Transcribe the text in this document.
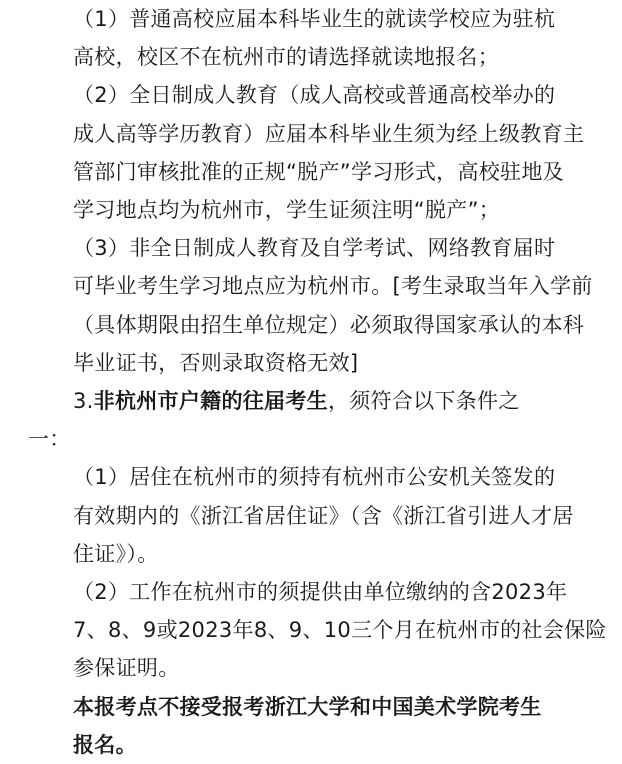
（1）普通高校应届本科毕业生的就读学校应为驻杭
高校，校区不在杭州市的请选择就读地报名；

（2）全日制成人教育（成人高校或普通高校举办的
成人高等学历教育）应届本科毕业生须为经上级教育主
管部门审核批准的正规“脱产”学习形式，高校驻地及
学习地点均为杭州市，学生证须注明“脱产”；

（3）非全日制成人教育及自学考试、网络教育届时
可毕业考生学习地点应为杭州市。[考生录取当年入学前
（具体期限由招生单位规定）必须取得国家承认的本科
毕业证书，否则录取资格无效]

3.非杭州市户籍的往届考生，须符合以下条件之
一：

（1）居住在杭州市的须持有杭州市公安机关签发的
有效期内的《浙江省居住证》（含《浙江省引进人才居
住证》）。

（2）工作在杭州市的须提供由单位缴纳的含2023年
7、8、9或2023年8、9、10三个月在杭州市的社会保险
参保证明。

本报考点不接受报考浙江大学和中国美术学院考生
报名。
